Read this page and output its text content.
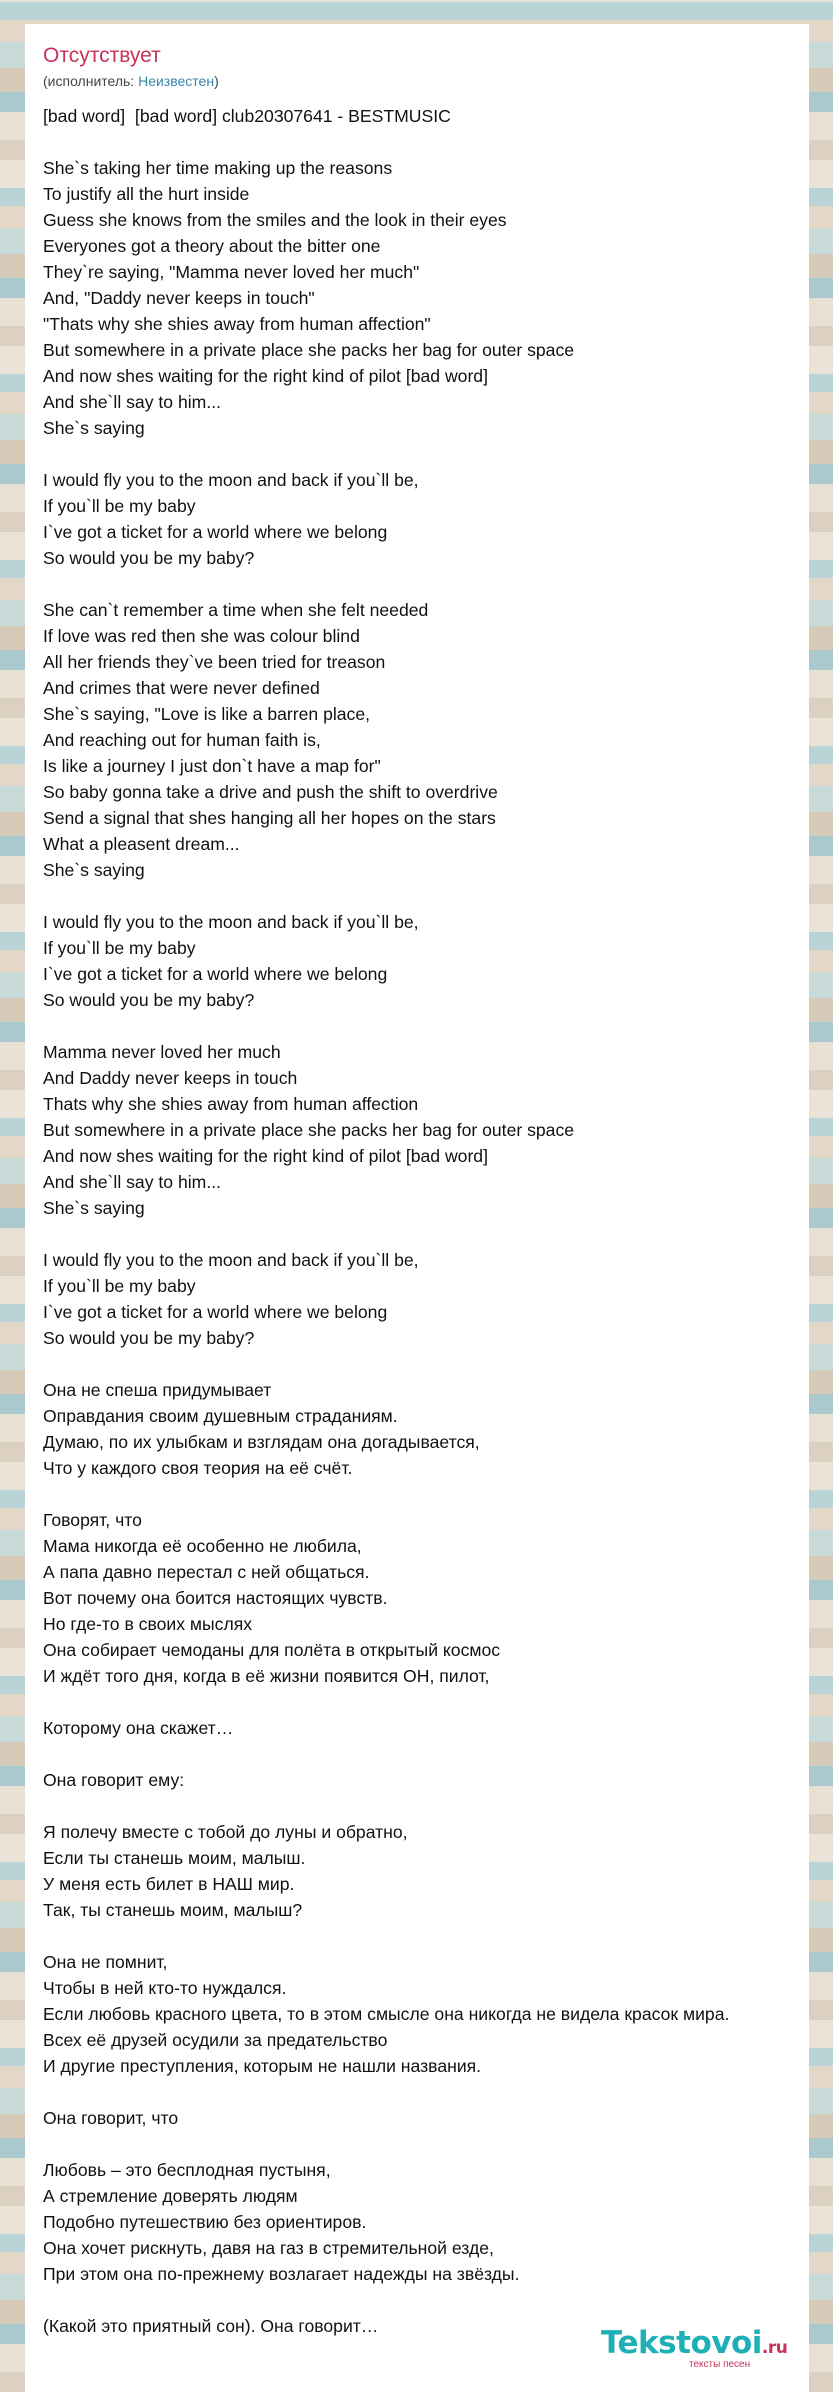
Отсутствует
(исполнитель: Неизвестен)
[bad word]  [bad word] club20307641 - BESTMUSIC

She`s taking her time making up the reasons
To justify all the hurt inside
Guess she knows from the smiles and the look in their eyes
Everyones got a theory about the bitter one
They`re saying, "Mamma never loved her much"
And, "Daddy never keeps in touch"
"Thats why she shies away from human affection"
But somewhere in a private place she packs her bag for outer space
And now shes waiting for the right kind of pilot [bad word]
And she`ll say to him...
She`s saying

I would fly you to the moon and back if you`ll be,
If you`ll be my baby
I`ve got a ticket for a world where we belong
So would you be my baby?

She can`t remember a time when she felt needed
If love was red then she was colour blind
All her friends they`ve been tried for treason
And crimes that were never defined
She`s saying, "Love is like a barren place,
And reaching out for human faith is,
Is like a journey I just don`t have a map for"
So baby gonna take a drive and push the shift to overdrive
Send a signal that shes hanging all her hopes on the stars
What a pleasent dream...
She`s saying

I would fly you to the moon and back if you`ll be,
If you`ll be my baby
I`ve got a ticket for a world where we belong
So would you be my baby?

Mamma never loved her much
And Daddy never keeps in touch
Thats why she shies away from human affection
But somewhere in a private place she packs her bag for outer space
And now shes waiting for the right kind of pilot [bad word]
And she`ll say to him...
She`s saying

I would fly you to the moon and back if you`ll be,
If you`ll be my baby
I`ve got a ticket for a world where we belong
So would you be my baby?

Она не спеша придумывает
Оправдания своим душевным страданиям.
Думаю, по их улыбкам и взглядам она догадывается,
Что у каждого своя теория на её счёт.

Говорят, что
Мама никогда её особенно не любила,
А папа давно перестал с ней общаться.
Вот почему она боится настоящих чувств.
Но где-то в своих мыслях
Она собирает чемоданы для полёта в открытый космос
И ждёт того дня, когда в её жизни появится ОН, пилот,

Которому она скажет…

Она говорит ему:

Я полечу вместе с тобой до луны и обратно,
Если ты станешь моим, малыш.
У меня есть билет в НАШ мир.
Так, ты станешь моим, малыш?

Она не помнит,
Чтобы в ней кто-то нуждался.
Если любовь красного цвета, то в этом смысле она никогда не видела красок мира.
Всех её друзей осудили за предательство
И другие преступления, которым не нашли названия.

Она говорит, что

Любовь – это бесплодная пустыня,
А стремление доверять людям
Подобно путешествию без ориентиров.
Она хочет рискнуть, давя на газ в стремительной езде,
При этом она по-прежнему возлагает надежды на звёзды.

(Какой это приятный сон). Она говорит…	Tekstovoi.ru
тексты песен
